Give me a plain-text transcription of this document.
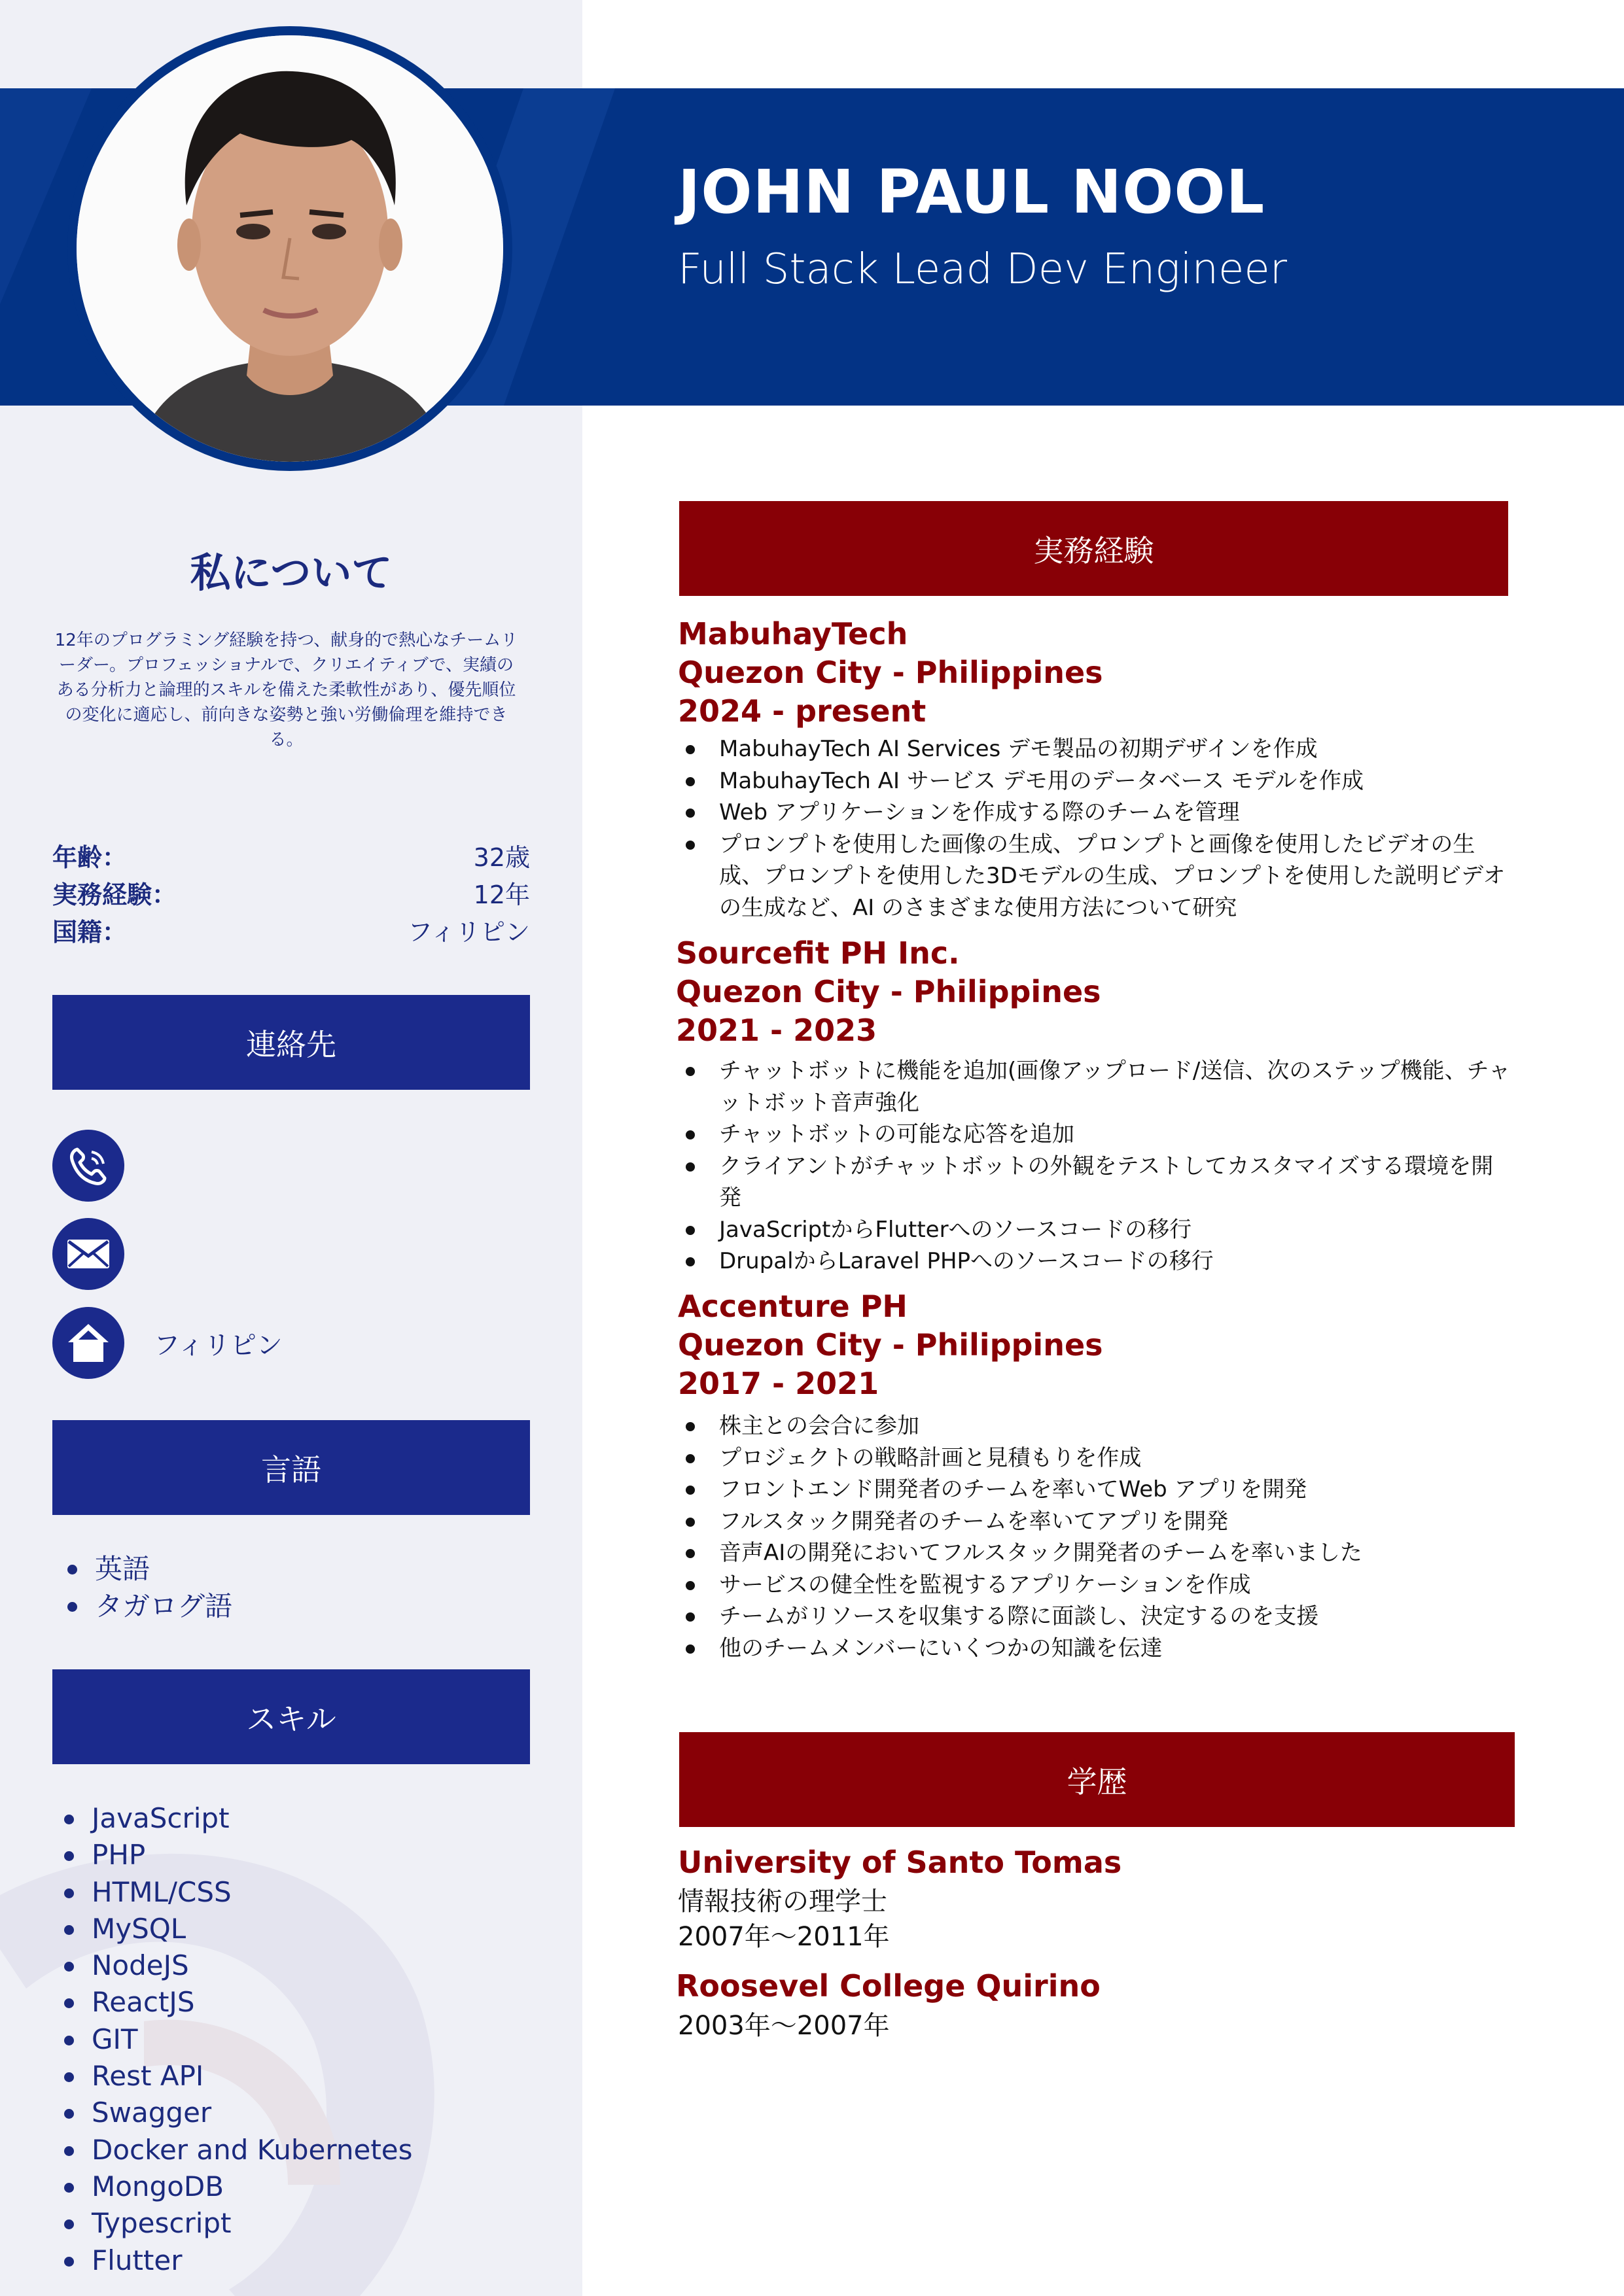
JOHN PAUL NOOL
Full Stack Lead Dev Engineer
私について
12年のプログラミング経験を持つ、献身的で熱心なチームリーダー。プロフェッショナルで、クリエイティブで、実績のある分析力と論理的スキルを備えた柔軟性があり、優先順位の変化に適応し、前向きな姿勢と強い労働倫理を維持できる。
年齢：	32歳
実務経験：	12年
国籍：	フィリピン
連絡先
フィリピン
言語
英語
タガログ語
スキル
JavaScript
PHP
HTML/CSS
MySQL
NodeJS
ReactJS
GIT
Rest API
Swagger
Docker and Kubernetes
MongoDB
Typescript
Flutter
実務経験
MabuhayTech
Quezon City - Philippines
2024 - present
MabuhayTech AI Services デモ製品の初期デザインを作成
MabuhayTech AI サービス デモ用のデータベース モデルを作成
Web アプリケーションを作成する際のチームを管理
プロンプトを使用した画像の生成、プロンプトと画像を使用したビデオの生成、プロンプトを使用した3Dモデルの生成、プロンプトを使用した説明ビデオの生成など、AI のさまざまな使用方法について研究
Sourcefit PH Inc.
Quezon City - Philippines
2021 - 2023
チャットボットに機能を追加(画像アップロード/送信、次のステップ機能、チャットボット音声強化
チャットボットの可能な応答を追加
クライアントがチャットボットの外観をテストしてカスタマイズする環境を開発
JavaScriptからFlutterへのソースコードの移行
DrupalからLaravel PHPへのソースコードの移行
Accenture PH
Quezon City - Philippines
2017 - 2021
株主との会合に参加
プロジェクトの戦略計画と見積もりを作成
フロントエンド開発者のチームを率いてWeb アプリを開発
フルスタック開発者のチームを率いてアプリを開発
音声AIの開発においてフルスタック開発者のチームを率いました
サービスの健全性を監視するアプリケーションを作成
チームがリソースを収集する際に面談し、決定するのを支援
他のチームメンバーにいくつかの知識を伝達
学歴
University of Santo Tomas
情報技術の理学士
2007年～2011年
Roosevel College Quirino
2003年～2007年
